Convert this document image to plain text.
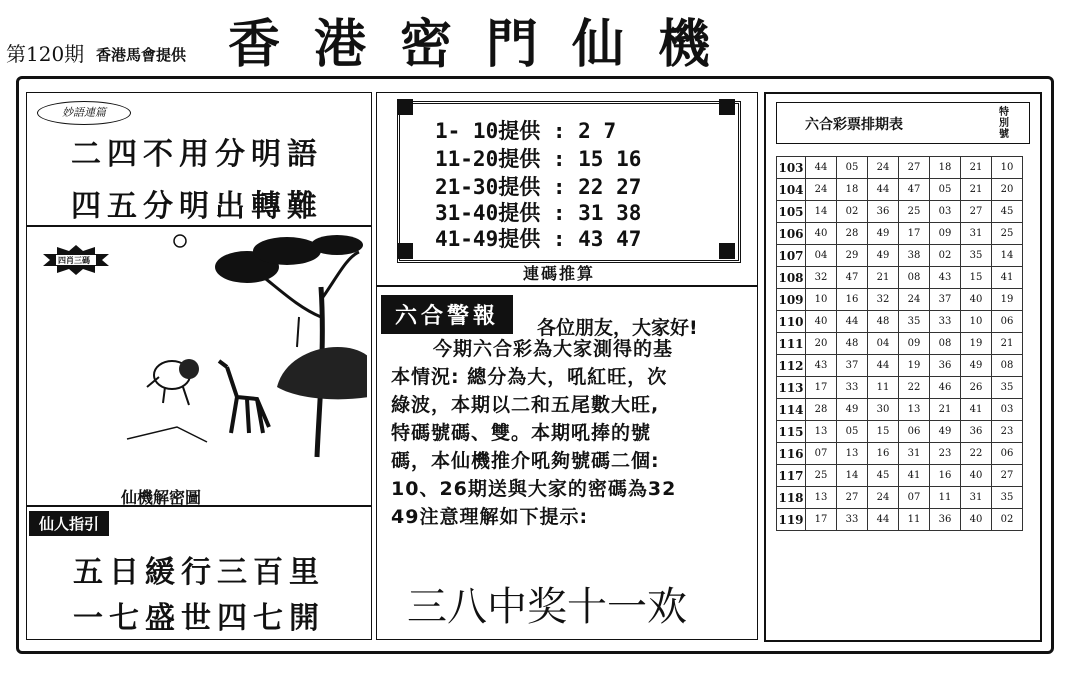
第120期 香港馬會提供 香港密門仙機
妙語連篇
二四不用分明語
四五分明出轉難
四肖三碼
仙機解密圖
仙人指引
五日緩行三百里
一七盛世四七開
1- 10提供 : 2 7
11-20提供 : 15 16
21-30提供 : 22 27
31-40提供 : 31 38
41-49提供 : 43 47
連碼推算
六合警報	各位朋友，大家好!
今期六合彩為大家測得的基
本情況: 總分為大，吼紅旺，次
綠波，本期以二和五尾數大旺,
特碼號碼、雙。本期吼捧的號
碼，本仙機推介吼夠號碼二個:
10、26期送與大家的密碼為32
49注意理解如下提示:
三八中奖十一欢
六合彩票排期表
特別號
103	44	05	24	27	18	21	10
104	24	18	44	47	05	21	20
105	14	02	36	25	03	27	45
106	40	28	49	17	09	31	25
107	04	29	49	38	02	35	14
108	32	47	21	08	43	15	41
109	10	16	32	24	37	40	19
110	40	44	48	35	33	10	06
111	20	48	04	09	08	19	21
112	43	37	44	19	36	49	08
113	17	33	11	22	46	26	35
114	28	49	30	13	21	41	03
115	13	05	15	06	49	36	23
116	07	13	16	31	23	22	06
117	25	14	45	41	16	40	27
118	13	27	24	07	11	31	35
119	17	33	44	11	36	40	02
